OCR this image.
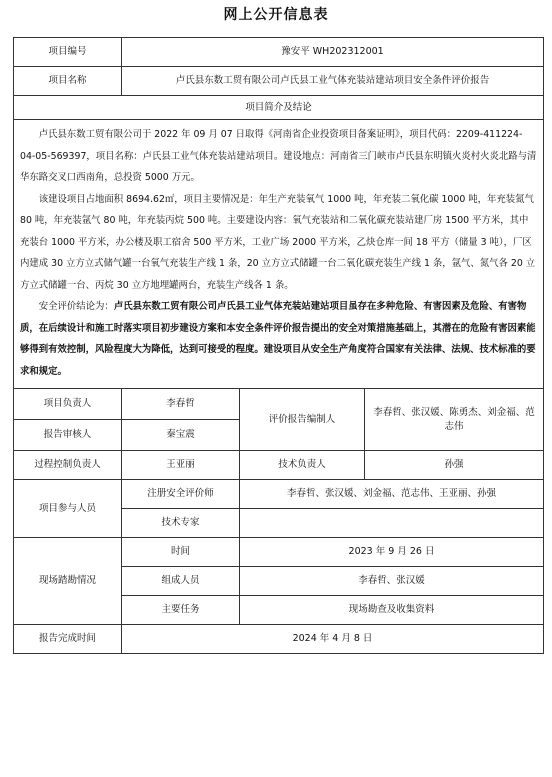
网上公开信息表
项目编号	豫安平 WH202312001		
项目名称	卢氏县东数工贸有限公司卢氏县工业气体充装站建站项目安全条件评价报告		
项目简介及结论			

卢氏县东数工贸有限公司于 2022 年 09 月 07 日取得《河南省企业投资项目备案证明》，项目代码：2209-411224-04-05-569397，项目名称：卢氏县工业气体充装站建站项目。建设地点：河南省三门峡市卢氏县东明镇火炎村火炎北路与清华东路交叉口西南角，总投资 5000 万元。

该建设项目占地面积 8694.62㎡，项目主要情况是：年生产充装氧气 1000 吨，年充装二氧化碳 1000 吨，年充装氮气 80 吨，年充装氩气 80 吨，年充装丙烷 500 吨。主要建设内容：氧气充装站和二氧化碳充装站建厂房 1500 平方米，其中充装台 1000 平方米，办公楼及职工宿舍 500 平方米，工业广场 2000 平方米，乙炔仓库一间 18 平方（储量 3 吨），厂区内建成 30 立方立式储气罐一台氧气充装生产线 1 条，20 立方立式储罐一台二氧化碳充装生产线 1 条，氩气、氮气各 20 立方立式储罐一台、丙烷 30 立方地埋罐两台，充装生产线各 1 条。

安全评价结论为：卢氏县东数工贸有限公司卢氏县工业气体充装站建站项目虽存在多种危险、有害因素及危险、有害物质，在后续设计和施工时落实项目初步建设方案和本安全条件评价报告提出的安全对策措施基础上，其潜在的危险有害因素能够得到有效控制，风险程度大为降低，达到可接受的程度。建设项目从安全生产角度符合国家有关法律、法规、技术标准的要求和规定。			

项目负责人	李春哲	评价报告编制人	李春哲、张汉媛、陈勇杰、刘金福、范志伟
报告审核人	秦宝震		
过程控制负责人	王亚丽	技术负责人	孙强
项目参与人员	注册安全评价师	李春哲、张汉媛、刘金福、范志伟、王亚丽、孙强	
	技术专家		
现场踏勘情况	时间	2023 年 9 月 26 日	
	组成人员	李春哲、张汉媛	
	主要任务	现场勘查及收集资料	
报告完成时间	2024 年 4 月 8 日		
